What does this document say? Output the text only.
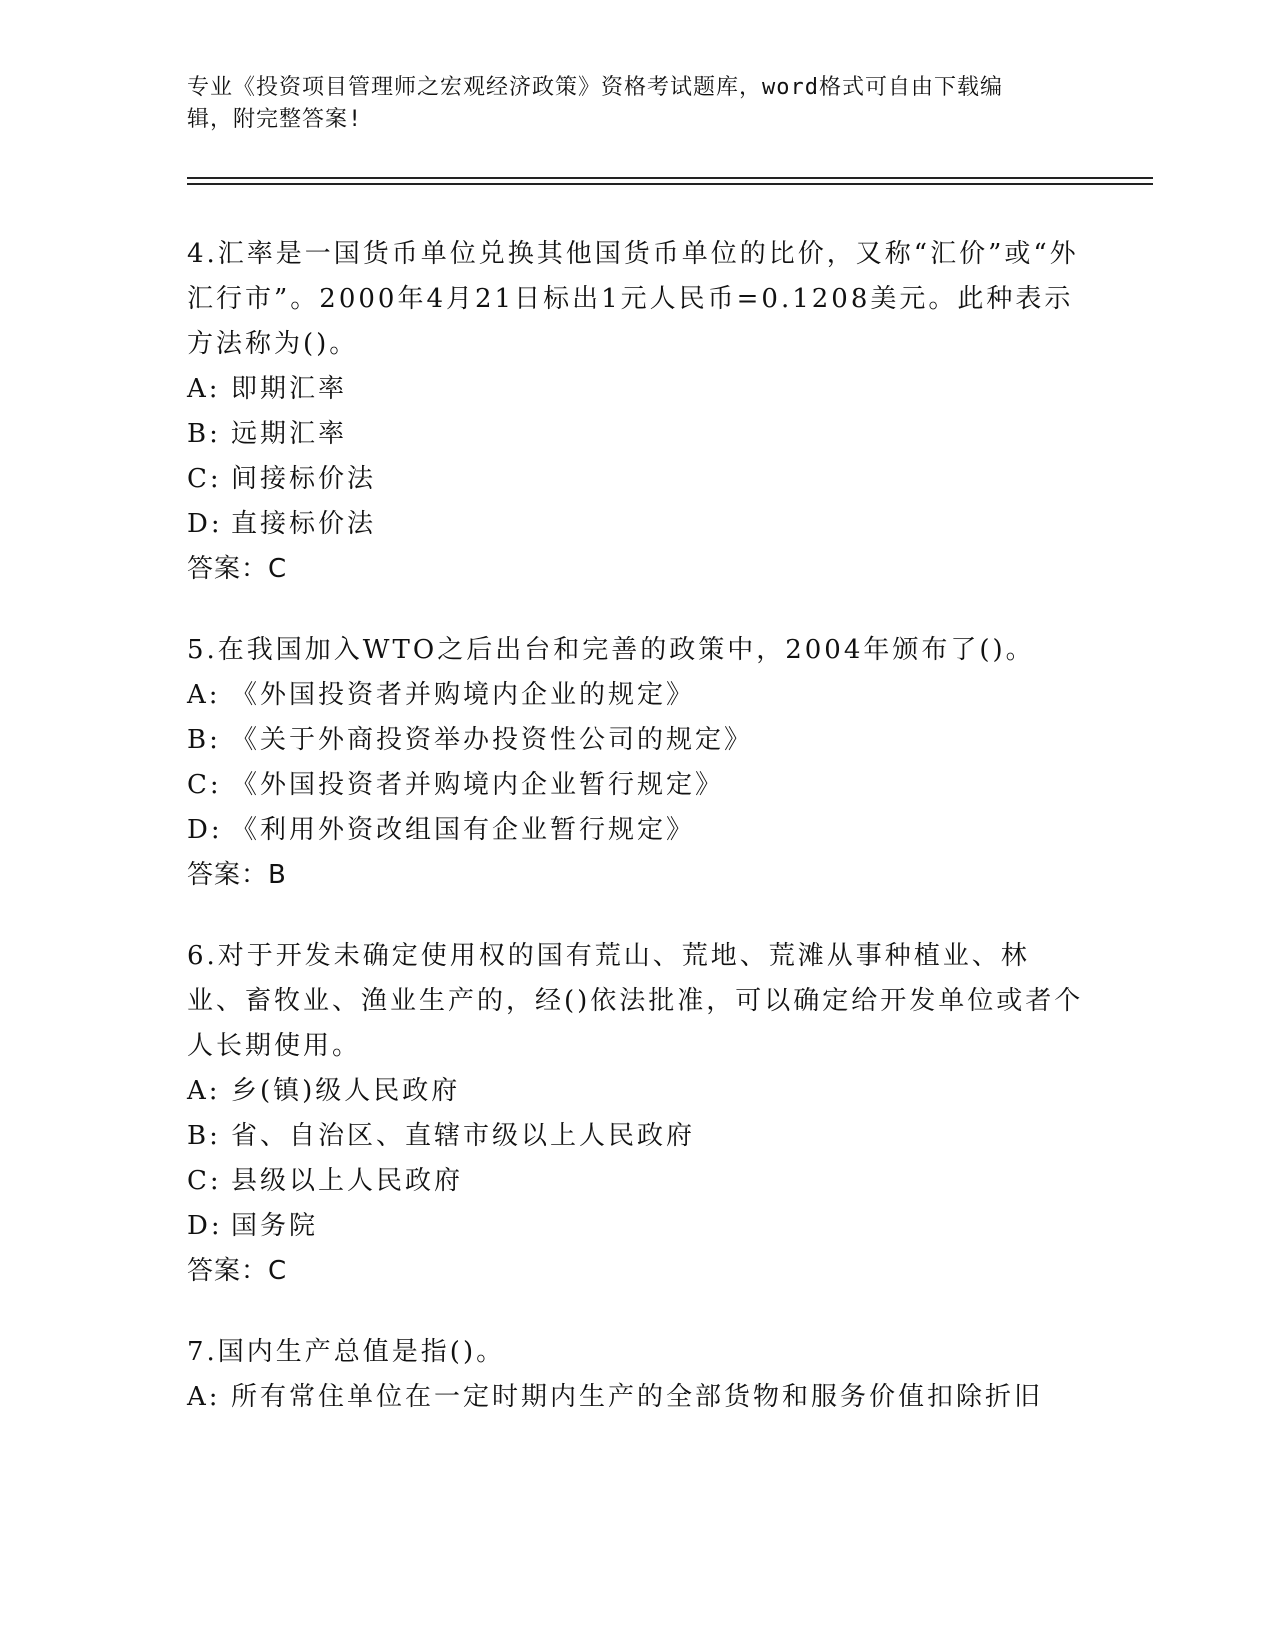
专业《投资项目管理师之宏观经济政策》资格考试题库，word格式可自由下载编
辑，附完整答案!
4.汇率是一国货币单位兑换其他国货币单位的比价，又称“汇价”或“外汇行市”。2000年4月21日标出1元人民币=0.1208美元。此种表示方法称为()。
A: 即期汇率
B: 远期汇率
C: 间接标价法
D: 直接标价法
答案：C
5.在我国加入WTO之后出台和完善的政策中，2004年颁布了()。
A: 《外国投资者并购境内企业的规定》
B: 《关于外商投资举办投资性公司的规定》
C: 《外国投资者并购境内企业暂行规定》
D: 《利用外资改组国有企业暂行规定》
答案：B
6.对于开发未确定使用权的国有荒山、荒地、荒滩从事种植业、林业、畜牧业、渔业生产的，经()依法批准，可以确定给开发单位或者个人长期使用。
A: 乡(镇)级人民政府
B: 省、自治区、直辖市级以上人民政府
C: 县级以上人民政府
D: 国务院
答案：C
7.国内生产总值是指()。
A: 所有常住单位在一定时期内生产的全部货物和服务价值扣除折旧
